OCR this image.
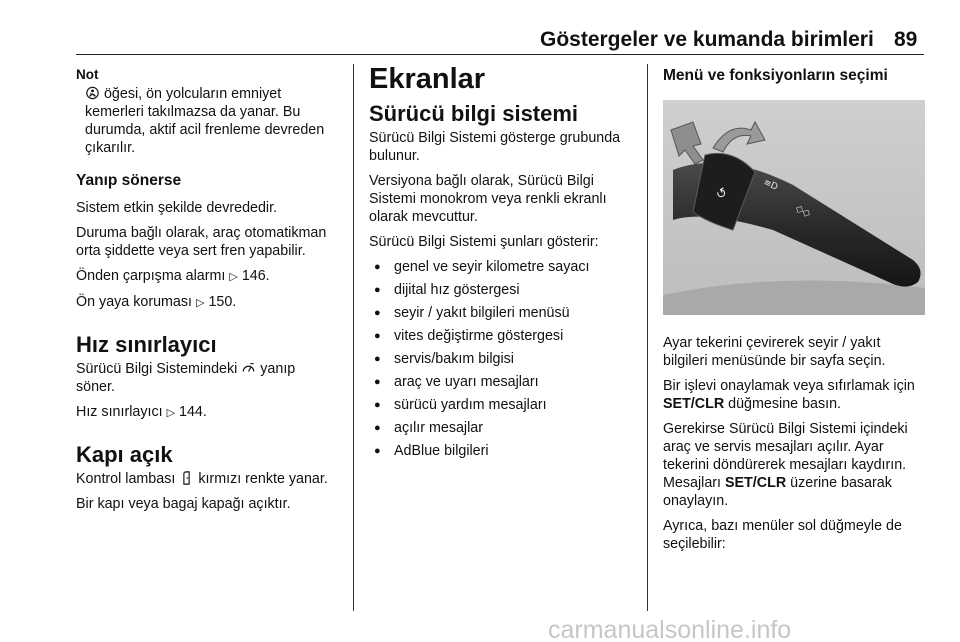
Göstergeler ve kumanda birimleri 89
Not

öğesi, ön yolcuların emniyet kemerleri takılmazsa da yanar. Bu durumda, aktif acil frenleme devreden çıkarılır.

Yanıp sönerse

Sistem etkin şekilde devrededir.

Duruma bağlı olarak, araç otomatikman orta şiddette veya sert fren yapabilir.

Önden çarpışma alarmı ▷ 146.

Ön yaya koruması ▷ 150.

Hız sınırlayıcı

Sürücü Bilgi Sistemindeki yanıp söner.

Hız sınırlayıcı ▷ 144.

Kapı açık

Kontrol lambası kırmızı renkte yanar.

Bir kapı veya bagaj kapağı açıktır.

Ekranlar
Sürücü bilgi sistemi

Sürücü Bilgi Sistemi gösterge grubunda bulunur.

Versiyona bağlı olarak, Sürücü Bilgi Sistemi monokrom veya renkli ekranlı olarak mevcuttur.

Sürücü Bilgi Sistemi şunları gösterir:

● genel ve seyir kilometre sayacı
● dijital hız göstergesi
● seyir / yakıt bilgileri menüsü
● vites değiştirme göstergesi
● servis/bakım bilgisi
● araç ve uyarı mesajları
● sürücü yardım mesajları
● açılır mesajlar
● AdBlue bilgileri
Menü ve fonksiyonların seçimi
↺	≡D
◇◇

Ayar tekerini çevirerek seyir / yakıt bilgileri menüsünde bir sayfa seçin.

Bir işlevi onaylamak veya sıfırlamak için SET/CLR düğmesine basın.

Gerekirse Sürücü Bilgi Sistemi içindeki araç ve servis mesajları açılır. Ayar tekerini döndürerek mesajları kaydırın. Mesajları SET/CLR üzerine basarak onaylayın.

Ayrıca, bazı menüler sol düğmeyle de seçilebilir:

carmanualsonline.info
